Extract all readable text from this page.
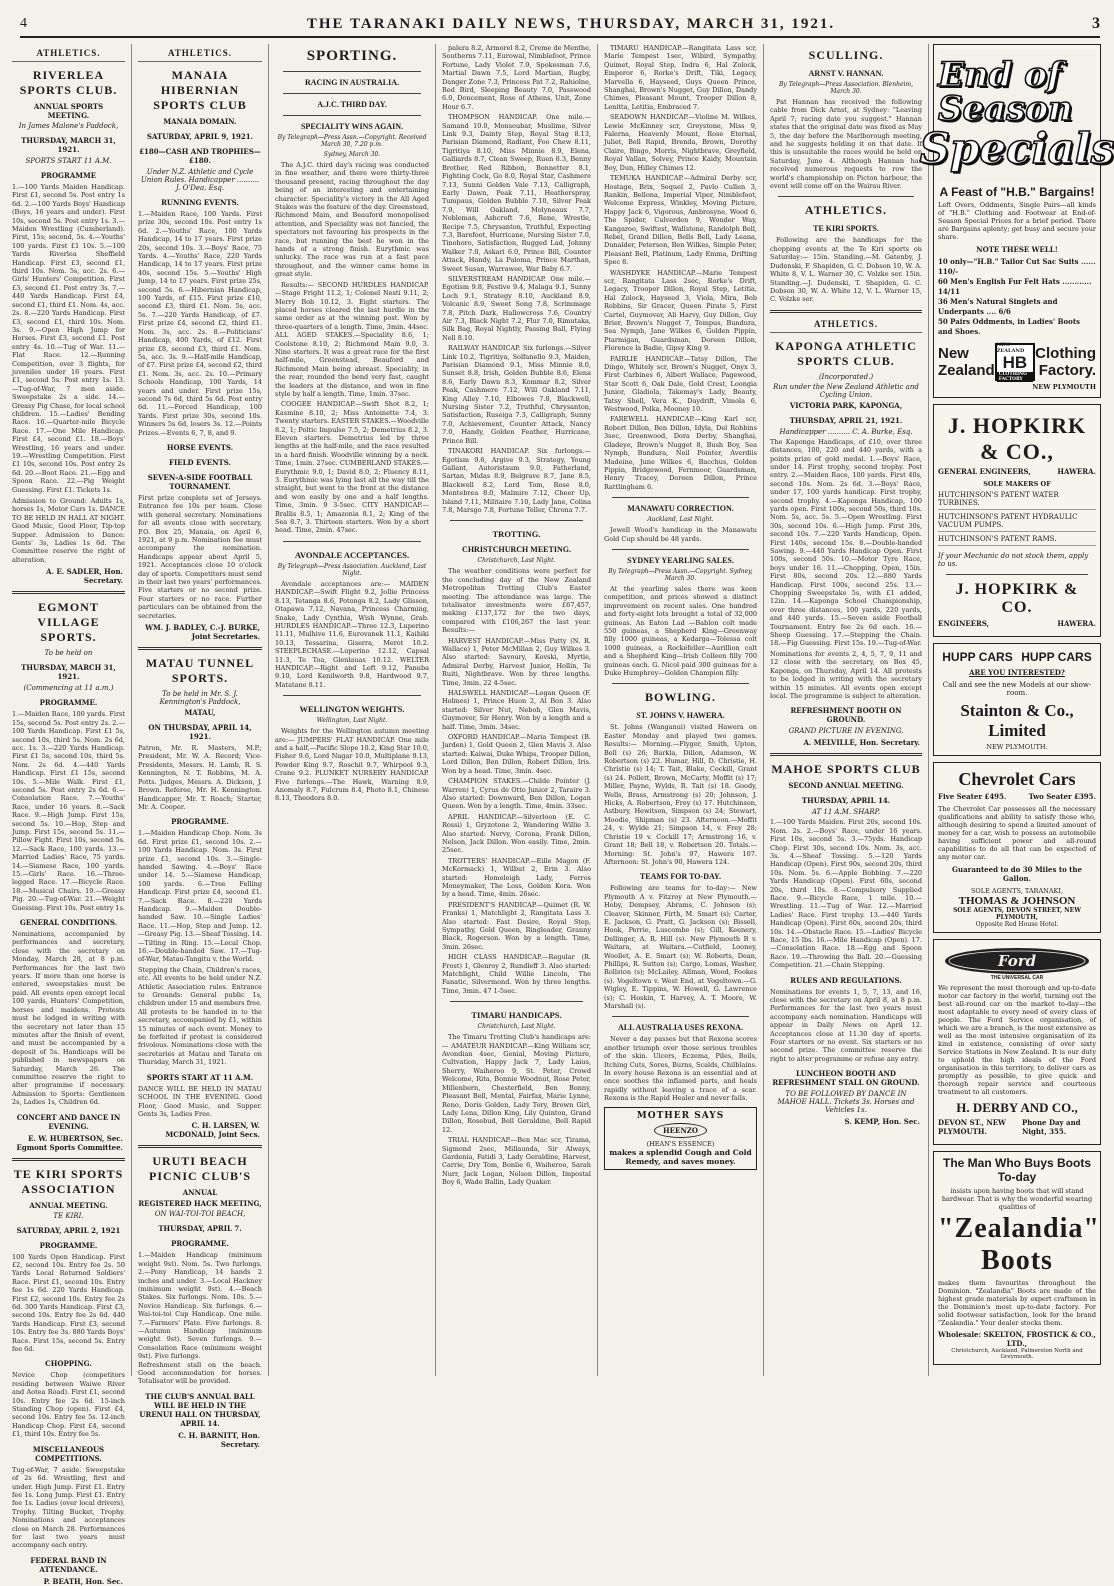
4	THE TARANAKI DAILY NEWS, THURSDAY, MARCH 31, 1921.	3
ATHLETICS.
RIVERLEA SPORTS CLUB.
ANNUAL SPORTS MEETING.
In James Malone's Paddock,
THURSDAY, MARCH 31, 1921.
SPORTS START 11 A.M.
PROGRAMME
1.—100 Yards Maiden Handicap. First £1, second 5s. Post entry 1s 6d. 2.—100 Yards Boys' Handicap (Boys, 16 years and under). First 10s, second 5s. Post entry 1s. 3.—Maiden Wrestling (Cumberland). First, 15s; second, 5s. 4.—Youths' 100 yards. First £1 10s. 5.—100 Yards Riverlea Sheffield Handicap. First £3, second £1, third 10s. Nom. 5s, acc. 2s. 6.—Girls' Hunters' Competition. First £3, second £1. Post entry 3s. 7.—440 Yards Handicap. First £4, second £1, third £1. Nom. 4s, acc. 2s. 8.—220 Yards Handicap. First £3, second £1, third 10s. Nom. 3s. 9.—Open High Jump for Horses. First £3, second £1. Post entry 4s. 10.—Tug of War. 11.—Flat Race. 12.—Running Competition, over 3 flights, for juveniles under 16 years. First £1, second 5s. Post entry 1s. 13.—Tug-of-War, 7 men aside. Sweepstake 2s a side. 14.—Greasy Pig Chase, for local school children. 15.—Ladies' Bending Race. 16.—Quarter-mile Bicycle Race. 17.—One Mile Handicap. First £4, second £1. 18.—Boys' Wrestling, 16 years and under. 19.—Wrestling Competition. First £1 10s, second 10s. Post entry 2s 6d. 20.—Boot Race. 21.—Egg and Spoon Race. 22.—Pig Weight Guessing. First £1. Tickets 1s.
Admission to Ground: Adults 1s, horses 1s, Motor Cars 1s. DANCE TO BE HELD IN HALL AT NIGHT. Good Music, Good Floor, Tip-top Supper. Admission to Dance: Gents' 3s, Ladies 1s 6d. The Committee reserve the right of alteration.
A. E. SADLER, Hon. Secretary.
EGMONT VILLAGE SPORTS.
To be held on
THURSDAY, MARCH 31, 1921.
(Commencing at 11 a.m.)
PROGRAMME.
1.—Maiden Race, 100 yards. First 15s, second 5s. Post entry 2s. 2.—100 Yards Handicap. First £1 5s, second 10s, third 5s. Nom. 2s 6d, acc. 1s. 3.—220 Yards Handicap. First £1 5s, second 10s, third 5s. Nom. 2s 6d. 4.—440 Yards Handicap. First £1 15s, second 10s. 5.—Mile Walk. First £1, second 5s. Post entry 2s 6d. 6.—Consolation Race. 7.—Youths' Race, under 16 years. 8.—Sack Race. 9.—High Jump. First 15s, second 5s. 10.—Hop, Step and Jump. First 15s, second 5s. 11.—Pillow Fight. First 10s, second 5s. 12.—Sack Race, 100 yards. 13.—Married Ladies' Race, 75 yards. 14.—Siamese Race, 100 yards. 15.—Girls' Race. 16.—Three-legged Race. 17.—Bicycle Race. 18.—Musical Chairs. 19.—Greasy Pig. 20.—Tug-of-War. 21.—Weight Guessing. First 10s. Post entry 1s.
GENERAL CONDITIONS.
Nominations, accompanied by performances and secretary, close with the secretary on Monday, March 28, at 8 p.m. Performances for the last two years. If more than one horse is entered, sweepstakes must be paid. All events open except local 100 yards, Hunters' Competition, horses and maidens. Protests must be lodged in writing with the secretary not later than 15 minutes after the finish of event, and must be accompanied by a deposit of 5s. Handicaps will be published in newspapers on Saturday, March 26. The committee reserve the right to alter programme if necessary. Admission to Sports: Gentlemen 2s, Ladies 1s, Children 6d.
CONCERT AND DANCE IN EVENING.
E. W. HUBERTSON, Sec. Egmont Sports Committee.
TE KIRI SPORTS ASSOCIATION
ANNUAL MEETING.
TE KIRI.
SATURDAY, APRIL 2, 1921
PROGRAMME.
100 Yards Open Handicap. First £2, second 10s. Entry fee 2s. 50 Yards Local Returned Soldiers' Race. First £1, second 10s. Entry fee 1s 6d. 220 Yards Handicap. First £2, second 10s. Entry fee 2s 6d. 300 Yards Handicap. First £3, second 10s. Entry fee 2s 6d. 440 Yards Handicap. First £3, second 10s. Entry fee 3s. 880 Yards Boys' Race. First 15s, second 5s. Entry fee 6d.
CHOPPING.
Novice Chop (competitors residing between Waiwe River and Aotea Road). First £1, second 10s. Entry fee 2s 6d. 15-inch Standing Chop (open). First £4, second 10s. Entry fee 5s. 12-inch Handicap Chop. First £4, second £1, third 10s. Entry fee 5s.
MISCELLANEOUS COMPETITIONS.
Tug-of-War, 7 aside. Sweepstake of 2s 6d. Wrestling, first and under. High Jump. First £1. Entry fee 1s. Long Jump. First £1. Entry fee 1s. Ladies (over local drivers), Trophy. Tilting Bucket, Trophy. Nominations and acceptances close on March 28. Performances for last two years must accompany each entry.
FEDERAL BAND IN ATTENDANCE.
P. BEATH, Hon. Sec.
ATHLETICS.
MANAIA HIBERNIAN SPORTS CLUB
MANAIA DOMAIN.
SATURDAY, APRIL 9, 1921.
£180—CASH AND TROPHIES—£180.
Under N.Z. Athletic and Cycle Union Rules. Handicapper .......... J. O'Dea, Esq.
RUNNING EVENTS.
1.—Maiden Race, 100 Yards. First prize 30s, second 10s. Post entry 1s 6d. 2.—Youths' Race, 100 Yards Handicap, 14 to 17 years. First prize 20s, second 10s. 3.—Boys' Race, 75 Yards. 4.—Youths' Race, 220 Yards Handicap, 14 to 17 years. First prize 40s, second 15s. 5.—Youths' High Jump, 14 to 17 years. First prize 25s, second 5s. 6.—Hibernian Handicap, 100 Yards, of £15. First prize £10, second £3, third £1. Nom. 5s, acc. 5s. 7.—220 Yards Handicap, of £7. First prize £4, second £2, third £1. Nom. 3s, acc. 2s. 8.—Politicians' Handicap, 400 Yards, of £12. First prize £8, second £3, third £1. Nom. 5s, acc. 3s. 9.—Half-mile Handicap, of £7. First prize £4, second £2, third £1. Nom. 3s, acc. 2s. 10.—Primary Schools Handicap, 100 Yards, 14 years and under. First prize 15s, second 7s 6d, third 5s 6d. Post entry 6d. 11.—Forced Handicap, 100 Yards. First prize 30s, second 10s. Winners 5s 6d, losers 3s. 12.—Points Prizes.—Events 6, 7, 8, and 9.
HORSE EVENTS.
FIELD EVENTS.
SEVEN-A-SIDE FOOTBALL TOURNAMENT.
First prize complete set of Jerseys. Entrance fee 10s per team. Close with general secretary. Nominations for all events close with secretary, P.O. Box 25, Manaia, on April 6, 1921, at 9 p.m. Nomination fee must accompany the nomination. Handicaps appear about April 5, 1921. Acceptances close 10 o'clock day of sports. Competitors must send in their last two years' performances. Five starters or no second prize. Four starters or no race. Further particulars can be obtained from the secretaries.
WM. J. BADLEY, C.-J. BURKE, Joint Secretaries.
MATAU TUNNEL SPORTS.
To be held in Mr. S. J. Kennington's Paddock,
MATAU,
ON THURSDAY, APRIL 14, 1921.
Patron, Mr. R. Masters, M.P.; President, Mr. W. A. Record; Vice-Presidents, Messrs. H. Lamb, R. S. Kennington, N. T. Robbins, M. A. Potts. Judges, Messrs. A. Dickson, J. Brown. Referee, Mr. H. Kennington. Handicapper, Mr. T. Roach; Starter, Mr. A. Cooper.
PROGRAMME.
1.—Maiden Handicap Chop. Nom. 3s 6d. First prize £1, second 10s. 2.—100 Yards Handicap. Nom. 3s. First prize £1, second 10s. 3.—Single-handed Sawing. 4.—Boys' Race under 14. 5.—Siamese Handicap, 100 yards. 6.—Tree Felling Handicap. First prize £4, second £1. 7.—Sack Race. 8.—220 Yards Handicap. 9.—Maiden Double-handed Saw. 10.—Single Ladies' Race. 11.—Hop, Step and Jump. 12.—Greasy Pig. 13.—Sheaf Tossing. 14.—Tilting in Ring. 15.—Local Chop. 16.—Double-handed Saw. 17.—Tug-of-War, Matau-Tangitu v. the World.
Stepping the Chain, Children's races, etc. All events to be held under N.Z. Athletic Association rules. Entrance to Grounds: General public 1s, children under 15 and members free. All protests to be handed in to the secretary, accompanied by £1, within 15 minutes of each event. Money to be forfeited if protest is considered frivolous. Nominations close with the secretaries at Matau and Tarata on Thursday, March 31, 1921.
SPORTS START AT 11 A.M.
DANCE WILL BE HELD IN MATAU SCHOOL IN THE EVENING. Good Floor, Good Music, and Supper. Gents 3s, Ladies Free.
C. H. LARSEN, W. MCDONALD, Joint Secs.
URUTI BEACH PICNIC CLUB'S
ANNUAL
REGISTERED HACK MEETING,
ON WAI-TOI-TOI BEACH,
THURSDAY, APRIL 7.
PROGRAMME.
1.—Maiden Handicap (minimum weight 9st). Nom. 5s. Two furlongs. 2.—Pony Handicap, 14 hands 2 inches and under. 3.—Local Hackney (minimum weight 9st). 4.—Beach Stakes. Six furlongs. Nom. 10s. 5.—Novice Handicap. Six furlongs. 6.—Wai-toi-toi Cup Handicap. One mile. 7.—Farmers' Plate. Five furlongs. 8.—Autumn Handicap (minimum weight 9st). Seven furlongs. 9.—Consolation Race (minimum weight 9st). Five furlongs.
Refreshment stall on the beach. Good accommodation for horses. Totalisator will be provided.
THE CLUB'S ANNUAL BALL WILL BE HELD IN THE URENUI HALL ON THURSDAY, APRIL 14.
C. H. BARNITT, Hon. Secretary.
SPORTING.
RACING IN AUSTRALIA.
A.J.C. THIRD DAY.
SPECIALITY WINS AGAIN.
By Telegraph—Press Assn.—Copyright. Received March 30, 7.20 p.m.
Sydney, March 30.

The A.J.C. third day's racing was conducted in fine weather, and there were thirty-three thousand present, racing throughout the day being of an interesting and entertaining character. Speciality's victory in the All Aged Stakes was the feature of the day. Greenstead, Richmond Main, and Beauford monopolised attention, and Speciality was not fancied, the spectators not favouring his prospects in the race, but running the best he won in the hands of a strong finish. Eurythmic was unlucky. The race was run at a fast pace throughout, and the winner came home in great style.

Results:— SECOND HURDLES HANDICAP.—Stage Fright 11.2, 1; Colonel Nesti 9.11, 2; Merry Bob 10.12, 3. Eight starters. The placed horses cleared the last hurdle in the same order as at the winning post. Won by three-quarters of a length. Time, 3min. 44sec. ALL AGED STAKES.—Speciality 8.6, 1; Coolstone 8.10, 2; Richmond Main 9.0, 3. Nine starters. It was a great race for the first half-mile, Greenstead, Beauford and Richmond Main being abreast. Speciality, in the rear, rounded the bend very fast, caught the leaders at the distance, and won in fine style by half a length. Time, 1min. 37sec.

COOGEE HANDICAP.—Swift Shot 8.2, 1; Kasmine 8.10, 2; Miss Antoinette 7.4, 3. Twenty starters. EASTER STAKES.—Woodville 8.2, 1; Poltic Impulse 7.5, 2; Demetrius 8.2, 3. Eleven starters. Demetrius led by three lengths at the half-mile, and the race resulted in a hard finish. Woodville winning by a neck. Time, 1min. 27sec. CUMBERLAND STAKES.—Eurythmic 9.0, 1; David 8.0, 2; Fluency 8.11, 3. Eurythmic was lying last all the way till the straight, but went to the front at the distance and won easily by one and a half lengths. Time, 3min. 9 3-5sec. CITY HANDICAP.—Brallis 8.5, 1; Amazonia 8.1, 2; King of the Sea 8.7, 3. Thirteen starters. Won by a short head. Time, 2min. 47sec.

AVONDALE ACCEPTANCES.
By Telegraph—Press Association. Auckland, Last Night.

Avondale acceptances are:— MAIDEN HANDICAP.—Swift Flight 9.2, Jollie Princess 8.13, Tetanga 8.6, Potonga 8.2, Lady Glisson, Otapawa 7.12, Navana, Princess Charming, Snake, Lady Cynthia, Wish Wynne, Grab. HURDLES HANDICAP.—Three 12.3, Luperino 11.11, Mulhive 11.6, Eurovanek 11.1, Kaihiki 10.13, Tessarina, Giserra, Merot 10.2. STEEPLECHASE.—Luperino 12.12, Capsal 11.3, Te Toa, Glenlauas 10.12. WELTER HANDICAP.—Right and Left 9.12, Panuba 9.10, Lord Kenilworth 9.8, Hardwood 9.7, Matatane 8.11.

WELLINGTON WEIGHTS.
Wellington, Last Night.

Weights for the Wellington autumn meeting are:— JUMPERS' FLAT HANDICAP. One mile and a half.—Pacific Slope 10.2, King Star 10.0, Fisher 9.6, Lord Nagar 10.0, Multiplane 9.13, Powder King 9.7, Roschil 9.7, Whirpool 9.3, Crane 9.2. PLUNKET NURSERY HANDICAP. Five furlongs.—The Hawk, Warning 8.9, Anomaly 8.7, Fulcrum 8.4, Photo 8.1, Chinese 8.13, Theodora 8.0.

palera 8.2, Armorel 8.2, Creme de Menthe, Southerns 7.11, Eurowal, Nimblefoot, Prince Fortune, Lady Violet 7.9, Spokesman 7.6, Martial Dawn 7.5, Lord Martian, Rugby, Danger Zone 7.3, Princess Pat 7.2, Rahiolne, Red Bird, Sleeping Beauty 7.0, Passwood 6.0, Doncement, Rose of Athens, Unit, Zone Hour 6.7.

THOMPSON HANDICAP. One mile.—Samand 10.0, Monsoubar, Muslime, Silver Link 9.3, Dainty Step, Royal Stag 8.13, Parisian Diamond, Radiant, Foo Chew 8.11, Tigritiya 8.10, Miss Minnie 8.9, Elena, Galliards 8.7, Clean Sweep, Ruen 8.3, Benny Brother, Red Ribbon, Bonnetter 8.1, Fighting Cock, Go 8.0, Royal Star, Cashmere 7.13, Sunni Golden Vale 7.13, Calligraph, Early Dawn, Peak 7.11, Heatherspray, Tumpaus, Golden Bubble 7.10, Silver Peak 7.9, Will Oakland, Molyneaux 7.7, Nobleman, Ashcroft 7.6, Rene, Wrestle, Recipe 7.5, Chrysanton, Truthful, Expecting 7.3, Barefoot, Hurricane, Nursing Sister 7.0, Tinohoro, Satisfaction, Rugged Lad, Johnny Walker 7.0, Askari 6.0, Prince Bill, Counter Attack, Handy, La Paloma, Prince Marthan, Sweet Susan, Warrawee, War Baby 6.7.

SILVERSTREAM HANDICAP. One mile.—Egotism 9.8, Festive 9.4, Malaga 9.1, Sunny Loch 9.1, Strategy 8.10, Auckland 8.9, Volcanic 8.9, Sweet Song 7.8, Scrimmage 7.8, Pitch Dark, Hallowcross 7.6, Country Air 7.3, Black Night 7.2, Flur 7.0, Rimutaka, Silk Bag, Royal Nightly, Passing Ball, Flying Nell 8.10.

RAILWAY HANDICAP. Six furlongs.—Silver Link 10.2, Tigritiya, Solfanello 9.3, Maiden, Parisian Diamond 9.1, Miss Minnie 8.0, Sunset 8.8, Irish, Golden Bubble 8.6, Elena 8.6, Early Dawn 8.3, Kommar 8.2, Silver Peak, Cashmere 7.12, Will Oakland 7.11, King Alley 7.10, Elbowes 7.8, Blackwell, Nursing Sister 7.2, Truthful, Chrysanton, Satisfaction, Ruseiga 7.3, Calligraph, Sunny 7.0, Achievement, Counter Attack, Nancy 7.0, Handy, Golden Feather, Hurricane, Prince Bill.

TINAKORI HANDICAP. Six furlongs.—Egotism 9.6, Argive 9.3, Strategy, Young Gallant, Autoristaum 9.0, Fatherland, Sartan, Midas 8.9, Belgrave 8.7, Jane 8.5, Blackwell 8.2, Lord Tom, Rose 8.0, Montebrea 8.0, Malmire 7.12, Cheer Up, Island 7.11, Militaire 7.10, Lady Jane, Colina 7.8, Marsgo 7.8, Fortune Teller, Chrona 7.7.

TROTTING.
CHRISTCHURCH MEETING.
Christchurch, Last Night.

The weather conditions were perfect for the concluding day of the New Zealand Metropolitan Trotting Club's Easter meeting. The attendance was large. The totalisator investments were £67,457, making £137,172 for the two days, compared with £106,267 the last year. Results:—

HARVEST HANDICAP.—Miss Patty (N. R. Wallace) 1, Peter McMillan 2, Guy Wilkes 3. Also started: Savoury, Kovski, Myrtle, Admiral Derby, Harvest Junior, Hollin, Te Ruiti, Nightbrave. Won by three lengths. Time, 3min. 22 4-5sec.

HALSWELL HANDICAP.—Logan Queen (F. Holmes) 1, Prince Huon 2, Al Bon 3. Also started: Silver Nut, Neboh, Glen Mavis, Guymover, Sir Henry. Won by a length and a half. Time, 3min. 34sec.

OXFORD HANDICAP.—Maria Tempest (B. Jarden) 1, Gold Queen 2, Glen Mavis 3. Also started: Kaiwai, Duke Whips, Trooper Dillon, Lord Dillon, Ben Dillon, Robert Dillon, Iris. Won by a head. Time, 3min. 4sec.

CHAMPION STAKES.—Childe Pointer (J. Warren) 1, Cyrus de Otto Junior 2, Taraire 3. Also started: Downward, Ben Dillon, Logan Queen. Won by a length. Time, 4min. 33sec.

APRIL HANDICAP.—Silverloon (E. C. Rossi) 1, Gryzotone 2, Wandering Willie 3. Also started: Nervy, Corona, Frank Dillon, Nelson, Jack Dillon. Won easily. Time, 2min. 25sec.

TROTTERS' HANDICAP.—Eille Magon (F. McKormack) 1, Wilbut 2, Erin 3. Also started: Homeleigh Lady, Ferros Moneymaker, The Loss, Golden Kora. Won by a head. Time, 4min. 26sec.

PRESIDENT'S HANDICAP.—Quimet (R. W. Franks) 1, Matchlight 2, Rangitata Lass 3. Also started: Fast Desire, Royal Step, Sympathy, Gold Queen, Ringleader, Granny Black, Rogerson. Won by a length. Time, 3min. 26sec.

HIGH CLASS HANDICAP.—Regular (R. Frost) 1, Glenroy 2, Rundleff 3. Also started: Matchlight, Child Willie Lincoln, The Fanatic, Silvermond. Won by three lengths. Time, 3min. 47 1-5sec.

TIMARU HANDICAPS.
Christchurch, Last Night.

The Timaru Trotting Club's handicaps are:— AMATEUR HANDICAP.—King William scr, Avondian 4sec, Genial, Moving Picture, Cultvation, Happy Jack 7, Lady Laius, Sherry, Waiheroo 9, St. Peter, Crowd Welcome, Rita, Bonnie Woodnut, Rose Peter, Millenbern, Chesterfield, Ben Bonny, Pleasant Bell, Mental, Fairfax, Marie Lynne, Reno, Doris Golden, Lady Tory, Brown Girl, Lady Lena, Dillon King, Lily Quinton, Grand Dillon, Rosebud, Bell Geraldine, Bell Rapid 12.

TRIAL HANDICAP.—Ben Mac scr, Tirama, Sigmond 2sec, Millaunda, Sir Always, Gardenia, Fatidi 3, Lady Geraldine, Harvest, Carrie, Dry Tom, Bonlie 6, Waiheroo, Sarah Nurr, Jack Logan, Nelson Dillon, Impostal Boy 6, Wade Ballin, Lady Quaker.

TIMARU HANDICAP.—Rangitata Lass scr, Marie Tempest 1sec, Wibird, Sympathy, Quimet, Royal Step, Indra 6, Hal Zolock, Emperor 6, Rorke's Drift, Tiki, Legacy, Marvella 6, Hayseed, Guys Queen Prince, Shanghai, Brown's Nugget, Guy Dillon, Dandy Chimes, Pleasant Mount, Trooper Dillon 8, Lenitta, Letitia, Embraced 7.

SEADOWN HANDICAP.—Violine M. Wilkes, Lewie McKinney scr, Greystone, Miss 9, Falerna, Heavenly Mount, Rose Eternal, Juliet, Bell Rapid, Brenda, Brown, Dorothy Claire, Bingo, Morris, Nightbrave, Greyfield, Royal Vallan, Solvey, Prince Kaidy, Mountain Boy, Dun, Hilley Chimes 12.

TEMUKA HANDICAP.—Admiral Derby scr, Hostage, Brix, Sequel 2, Pavlo Cullen 3, Rankin, Bellona, Imperial Viper, Nimblefoot, Welcome Express, Winkley, Moving Picture, Happy Jack 6, Vigorous, Ambrosyne, Wood 6, The Spider, Culverden 9, Wonder Way, Kangaroo, Swiftest, Wallstone, Randolph Bell, Rebel, Grand Dillon, Bells Bell, Lady Leana, Dunalder, Peterson, Ben Wilkes, Simple Peter, Pleasant Bell, Platinum, Lady Emma, Drifting Spec 8.

WASHDYKE HANDICAP.—Marie Tempest scr, Rangitata Lass 2sec, Rorke's Drift, Legacy, Trooper Dillon, Royal Step, Letitia, Hal Zolock, Hayseed 3, Viola, Mira, Bob Robbins, Sir Gracer, Queen Pirate 5, First Cartel, Guymover, Ali Harvy, Guy Dillon, Guy Brier, Brown's Nugget 7, Tempus, Bundura, Sea Nymph, Jane Wilkes 6, Golden Pippin, Ptarmigan, Guardsman, Doreen Dillon, Florence la Badie, Gipsy King 9.

FAIRLIE HANDICAP.—Tatsy Dillon, The Dingo, Whitely scr, Brown's Nugget, Onyx 3, First Carbines 6, Albert Wallace, Pagewood, Star Scott 6, Oak Dale, Gold Crest, Loongia Junior, Gladiola, Takemay's Lady, Beauty, Tatsy Shell, Vera K., Daydrift, Vimola 6, Westwood, Polka, Mooney 10.

FAREWELL HANDICAP.—King Karl scr, Robert Dillon, Ben Dillon, Idyla, Del Robbins 3sec, Greenwood, Dora Derby, Shanghai, Gladeye, Brown's Nugget 8, Bush Boy, Sea Nymph, Bundura, Neil Pointer, Averdiis Madeine, June Wilkes 6, Bacchus, Golden Pippin, Bridgewood, Fernmoor, Guardsman, Henry Tracey, Doreen Dillon, Prince Rattlingham 6.

MANAWATU CORRECTION.
Auckland, Last Night.

Jewell Wood's handicap in the Manawatu Gold Cup should be 48 yards.

SYDNEY YEARLING SALES.
By Telegraph—Press Assn.—Copyright. Sydney, March 30.

At the yearling sales there was keen competition, and prices showed a distinct improvement on recent sales. One hundred and forty-eight lots brought a total of 32,000 guineas. An Eaton Lad —Bablon colt made 550 guineas, a Shepherd King—Greenway filly 1000 guineas, a Kedarga—Tolessa colt 1000 guineas, a Rockefeller—Aurillion colt and a Shepherd King—Irish Colleen filly 700 guineas each. G. Nicol paid 300 guineas for a Duke Humphrey—Golden Champion filly.

BOWLING.
ST. JOHNS V. HAWERA.

St. Johns (Wanganui) visited Hawera on Easter Monday and played two games. Results:— Morning.—Flyger, Smith, Upton, Bell (s) 26; Barkla, Dillon, Adamson, W. Robertson (s) 22. Humar, Hill, D. Christie, H. Christie (s) 14; T. Tait, Blake, Cockill, Grant (s) 24. Pollett, Brown, McCarty, Moffit (s) 17; Miller, Payne, Wylds, R. Tait (s) 18. Goody, Wells, Brass, Armstrong (s) 20; Johnson, J. Hicks, A. Robertson, Frey (s) 17. Hutchinson, Astbury, Hewitson, Simpson (s) 24; Stewart, Moodie, Shipman (s) 23. Afternoon.—Moffit 24, v. Wylde 21; Simpson 14, v. Frey 28; Christie 19 v. Cockill 17; Armstrong 16, v. Grant 18; Bell 18, v. Robertson 20. Totals.—Morning: St. John's 97, Hawera 107. Afternoon: St. John's 90, Hawera 124.

TEAMS FOR TO-DAY.

Following are teams for to-day:— New Plymouth A v. Fitzroy at New Plymouth.—Hoby, Dempsey, Abrams, C. Johnson (s); Cleaver, Skinner, Firth, M. Smart (s); Carter, E. Jackson, G. Pratt, G. Jackson (s); Bissell, Hook, Perrie, Luscombe (s); Gill, Keenery, Dellinger, A. R. Hill (s). New Plymouth B v. Waitara, at Waitara.—Cutfield, Looney, Woollet, A. E. Smart (s); W. Roberts, Dean, Phillips, R. Sutton (s); Cargo, Lomas, Washer, Rollston (s); McLailey, Allman, Wood, Fookes (s). Vogeltown v. West End, at Vogeltown.—G. Wigley, E. Tippins, W. Howell, G. Lawrence (s); C. Hoskin, T. Harvey, A. T. Moore, W. Marshall (s).

ALL AUSTRALIA USES REXONA.

Never a day passes but that Rexona scores another triumph over those serious troubles of the skin. Ulcers, Eczema, Piles, Boils, Itching Cuts, Sores, Burns, Scalds, Chilblains. In every house Rexona is an essential and at once soothes the inflamed parts, and heals rapidly without leaving a trace of a scar. Rexona is the Rapid Healer and never fails.

MOTHER SAYS
HEENZO
(HEAN'S ESSENCE)
makes a splendid Cough and Cold Remedy, and saves money.
SCULLING.
ARNST V. HANNAN.
By Telegraph—Press Association. Blenheim, March 30.

Pat Hannan has received the following cable from Dick Arnst, at Sydney: "Leaving April 7; racing date you suggest." Hannan states that the original date was fixed as May 5, the day before the Marlborough meeting, and he suggests holding it on that date. If this is unsuitable the races would be held on Saturday, June 4. Although Hannan has received numerous requests to row the world's championship on Picton harbour, the event will come off on the Wairau River.

ATHLETICS.
TE KIRI SPORTS.

Following are the handicaps for the chopping events at the Te Kiri sports on Saturday:— 15in. Standing.—M. Gatenby, J. Dudenski, F. Shapiden, G. C. Dobson 10, W. A. White 8, V. L. Warner 30, C. Volzke ser. 15in. Standing.—J. Dudenski, T. Shapiden, G. C. Dobson 30, W. A. White 12, V. L. Warner 15, C. Volzke ser.

ATHLETICS.
KAPONGA ATHLETIC SPORTS CLUB.
(Incorporated.)
Run under the New Zealand Athletic and Cycling Union.
VICTORIA PARK, KAPONGA,
THURSDAY, APRIL 21, 1921.
Handicapper .......... C. A. Burke, Esq.
The Kaponga Handicaps, of £10, over three distances, 100, 220 and 440 yards, with a points prize of gold medal. 1.—Boys' Race, under 14. First trophy, second trophy. Post entry. 2.—Maiden Race, 100 yards. First 40s, second 10s. Nom. 2s 6d. 3.—Boys' Race, under 17, 100 yards handicap. First trophy, second trophy. 4.—Kaponga Handicap, 100 yards open. First 100s, second 50s, third 10s. Nom. 5s, acc. 5s. 5.—Open Wrestling. First 30s, second 10s. 6.—High Jump. First 30s, second 10s. 7.—220 Yards Handicap, Open. First 140s, second 15s. 8.—Double-handed Sawing. 9.—440 Yards Handicap Open. First 100s, second 50s. 10.—Motor Tyre Race, boys under 16. 11.—Chopping, Open, 15in. First 80s, second 20s. 12.—880 Yards Handicap. First 100s, second 25s. 13.—Chopping Sweepstake 5s, with £1 added, 12in. 14.—Kaponga School Championship, over three distances, 100 yards, 220 yards, and 440 yards. 15.—Seven aside Football Tournament. Entry fee 2s 6d each. 16.—Sheep Guessing. 17.—Stepping the Chain. 18.—Fig Guessing. First 15s. 19.—Tug-of-War.
Nominations for events 2, 4, 5, 7, 9, 11 and 12 close with the secretary, on Box 45, Kaponga, on Thursday, April 14. All protests to be lodged in writing with the secretary within 15 minutes. All events open except local. The programme is subject to alteration.
REFRESHMENT BOOTH ON GROUND.
GRAND PICTURE IN EVENING.
A. MELVILLE, Hon. Secretary.
MAHOE SPORTS CLUB
SECOND ANNUAL MEETING.
THURSDAY, APRIL 14.
AT 11 A.M. SHARP.
1.—100 Yards Maiden. First 20s, second 10s. Nom. 2s. 2.—Boys' Race, under 16 years. First 10s, second 5s. 3.—75yds. Handicap Chop. First 30s, second 10s. Nom. 3s, acc. 3s. 4.—Sheaf Tossing. 5.—120 Yards Handicap (Open). First 90s, second 20s, third 10s. Nom. 5s. 6.—Apple Bobbing. 7.—220 Yards Handicap (Open). First 60s, second 20s, third 10s. 8.—Compulsory Supplied Race. 9.—Bicycle Race, 1 mile. 10.—Wrestling. 11.—Tug of War. 12.—Married Ladies' Race. First trophy. 13.—440 Yards Handicap (Open). First 60s, second 20s, third 10s. 14.—Obstacle Race. 15.—Ladies' Bicycle Race, 15 lbs. 16.—Mile Handicap (Open). 17.—Consolation Race. 18.—Egg and Spoon Race. 19.—Throwing the Ball. 20.—Guessing Competition. 21.—Chain Stepping.
RULES AND REGULATIONS.
Nominations for events 1, 5, 7, 13, and 16, close with the secretary on April 8, at 8 p.m. Performances for the last two years must accompany each nomination. Handicaps will appear in Daily News on April 12. Acceptances close at 11.30 day of sports. Four starters or no event. Six starters or no second prize. The committee reserve the right to alter programme or refuse any entry.
LUNCHEON BOOTH AND REFRESHMENT STALL ON GROUND.
TO BE FOLLOWED BY DANCE IN MAHOE HALL. Tickets 3s. Horses and Vehicles 1s.
S. KEMP, Hon. Sec.
End of Season
Specials
A Feast of "H.B." Bargains!
Left Overs, Oddments, Single Pairs—all kinds of "H.B." Clothing and Footwear at End-of-Season Special Prices for a brief period. There are Bargains aplenty; get busy and secure your share.
NOTE THESE WELL!
10 only—"H.B." Tailor Cut Sac Suits ...... 110/-
60 Men's English Fur Felt Hats ............ 14/11
36 Men's Natural Singlets and Underpants .... 6/6
50 Pairs Oddments, in Ladies' Boots and Shoes.
New
Zealand
NEW ZEALAND
HB
CLOTHING FACTORY
Clothing
Factory.
NEW PLYMOUTH
J. HOPKIRK & CO.,
GENERAL ENGINEERS,	HAWERA.
SOLE MAKERS OF
HUTCHINSON'S PATENT WATER TURBINES.
HUTCHINSON'S PATENT HYDRAULIC VACUUM PUMPS.
HUTCHINSON'S PATENT RAMS.
If your Mechanic do not stock them, apply to us.
J. HOPKIRK & CO.
ENGINEERS,	HAWERA.
HUPP CARS HUPP CARS
ARE YOU INTERESTED?
Call and see the new Models at our show-room.
Stainton & Co., Limited
NEW PLYMOUTH.
Chevrolet Cars
Five Seater £495.	Two Seater £395.
The Chevrolet Car possesses all the necessary qualifications and ability to satisfy those who, although desiring to spend a limited amount of money for a car, wish to possess an automobile having sufficient power and all-round capabilities to do all that can be expected of any motor car.
Guaranteed to do 30 Miles to the Gallon.
SOLE AGENTS, TARANAKI,
THOMAS & JOHNSON
SOLE AGENTS, DEVON STREET, NEW PLYMOUTH,
Opposite Red House Hotel.
Ford
THE UNIVERSAL CAR
We represent the most thorough and up-to-date motor car factory in the world, turning out the best all-round car on the market to-day—the most adaptable to every need of every class of people. The Ford Service organisation, of which we are a branch, is the most extensive as well as the most intensive organisation of its kind in existence, consisting of over sixty Service Stations in New Zealand. It is our duty to uphold the high ideals of the Ford organisation in this territory, to deliver cars as promptly as possible, to give quick and thorough repair service and courteous treatment to all customers.
H. DERBY AND CO.,
DEVON ST., NEW PLYMOUTH.
Phone Day and Night, 355.
The Man Who Buys Boots To-day
insists upon having boots that will stand hardwear. That is why the wonderful wearing qualities of
"Zealandia" Boots
makes them favourites throughout the Dominion. "Zealandia" Boots are made of the highest grade materials by expert craftsmen in the Dominion's most up-to-date factory. For solid footwear satisfaction, look for the brand "Zealandia." Your dealer stocks them.
Wholesale: SKELTON, FROSTICK & CO., LTD.,
Christchurch, Auckland, Palmerston North and Greymouth.
